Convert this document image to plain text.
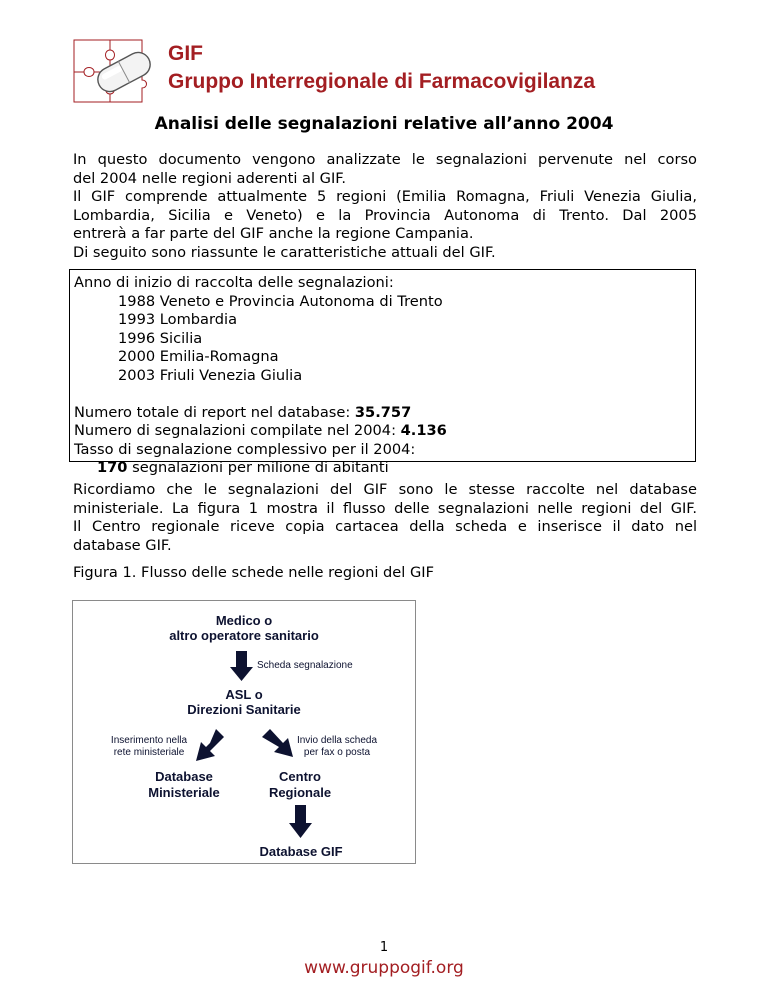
GIF
Gruppo Interregionale di Farmacovigilanza
Analisi delle segnalazioni relative all’anno 2004
In questo documento vengono analizzate le segnalazioni pervenute nel corso
del 2004 nelle regioni aderenti al GIF.
Il GIF comprende attualmente 5 regioni (Emilia Romagna, Friuli Venezia Giulia,
Lombardia, Sicilia e Veneto) e la Provincia Autonoma di Trento. Dal 2005
entrerà a far parte del GIF anche la regione Campania.
Di seguito sono riassunte le caratteristiche attuali del GIF.
Anno di inizio di raccolta delle segnalazioni:
1988 Veneto e Provincia Autonoma di Trento
1993 Lombardia
1996 Sicilia
2000 Emilia-Romagna
2003 Friuli Venezia Giulia
Numero totale di report nel database: 35.757
Numero di segnalazioni compilate nel 2004: 4.136
Tasso di segnalazione complessivo per il 2004:
170 segnalazioni per milione di abitanti
Ricordiamo che le segnalazioni del GIF sono le stesse raccolte nel database
ministeriale. La figura 1 mostra il flusso delle segnalazioni nelle regioni del GIF.
Il Centro regionale riceve copia cartacea della scheda e inserisce il dato nel
database GIF.
Figura 1. Flusso delle schede nelle regioni del GIF
Medico o
altro operatore sanitario
Scheda segnalazione
ASL o
Direzioni Sanitarie
Inserimento nella
rete ministeriale
Invio della scheda
per fax o posta
Database
Ministeriale
Centro
Regionale
Database GIF
1
www.gruppogif.org
